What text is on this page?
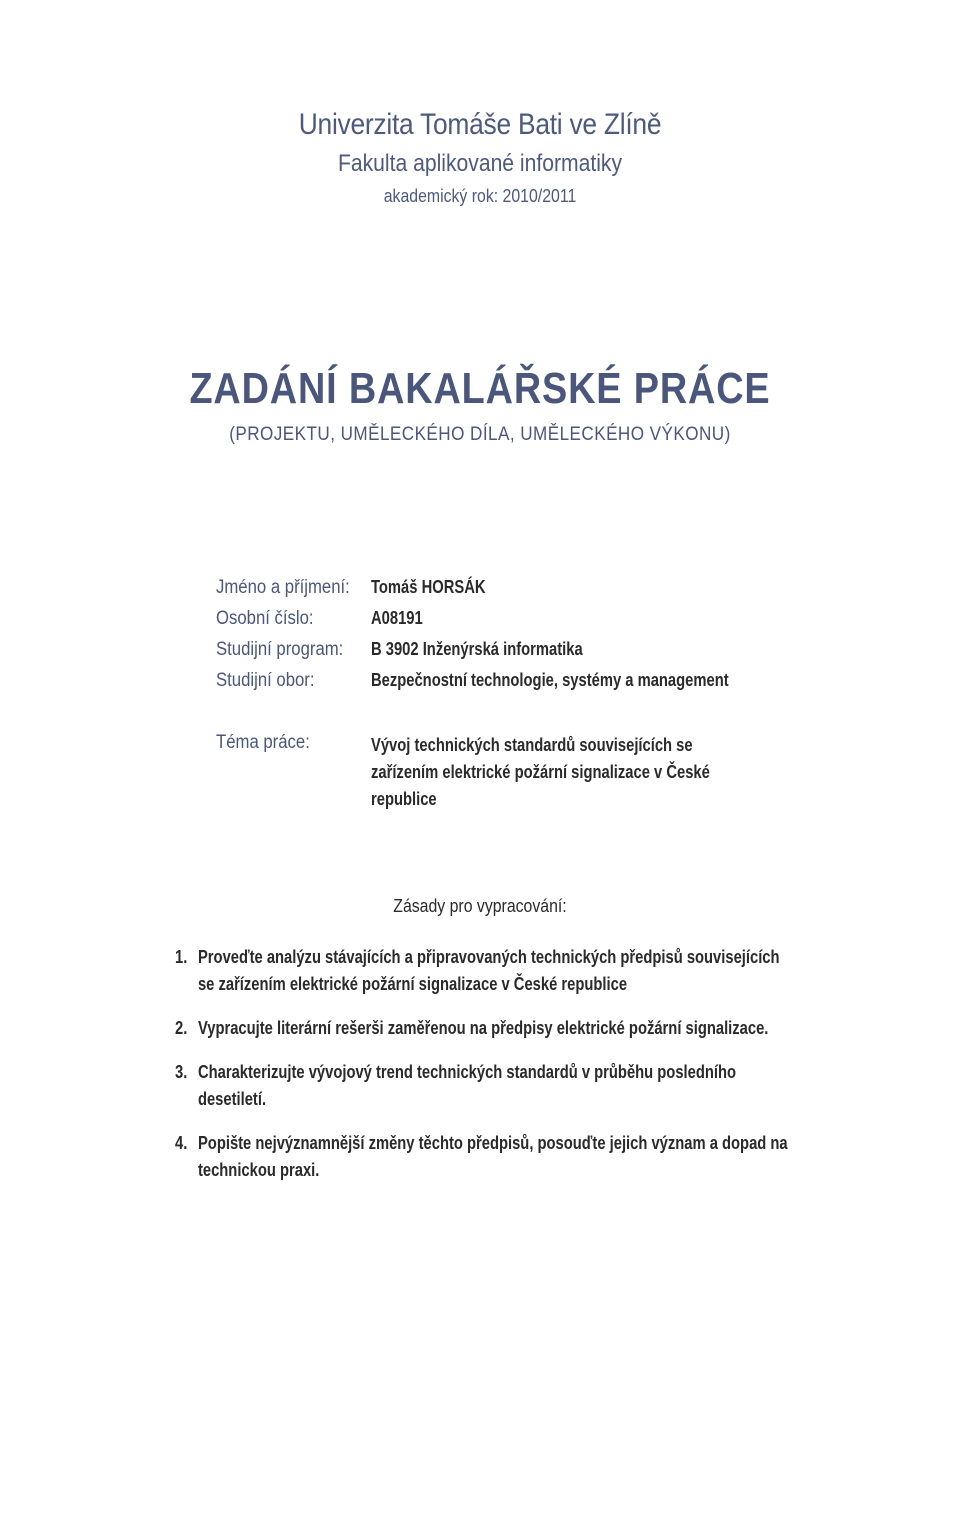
Univerzita Tomáše Bati ve Zlíně
Fakulta aplikované informatiky
akademický rok: 2010/2011
ZADÁNÍ BAKALÁŘSKÉ PRÁCE
(PROJEKTU, UMĚLECKÉHO DÍLA, UMĚLECKÉHO VÝKONU)
Jméno a příjmení: Tomáš HORSÁK
Osobní číslo:	A08191
Studijní program:	B 3902 Inženýrská informatika
Studijní obor:	Bezpečnostní technologie, systémy a management
Téma práce:	Vývoj technických standardů souvisejících se zařízením elektrické požární signalizace v České republice
Zásady pro vypracování:
1. Proveďte analýzu stávajících a připravovaných technických předpisů souvisejících se zařízením elektrické požární signalizace v České republice
2. Vypracujte literární rešerši zaměřenou na předpisy elektrické požární signalizace.
3. Charakterizujte vývojový trend technických standardů v průběhu posledního desetiletí.
4. Popište nejvýznamnější změny těchto předpisů, posouďte jejich význam a dopad na technickou praxi.
